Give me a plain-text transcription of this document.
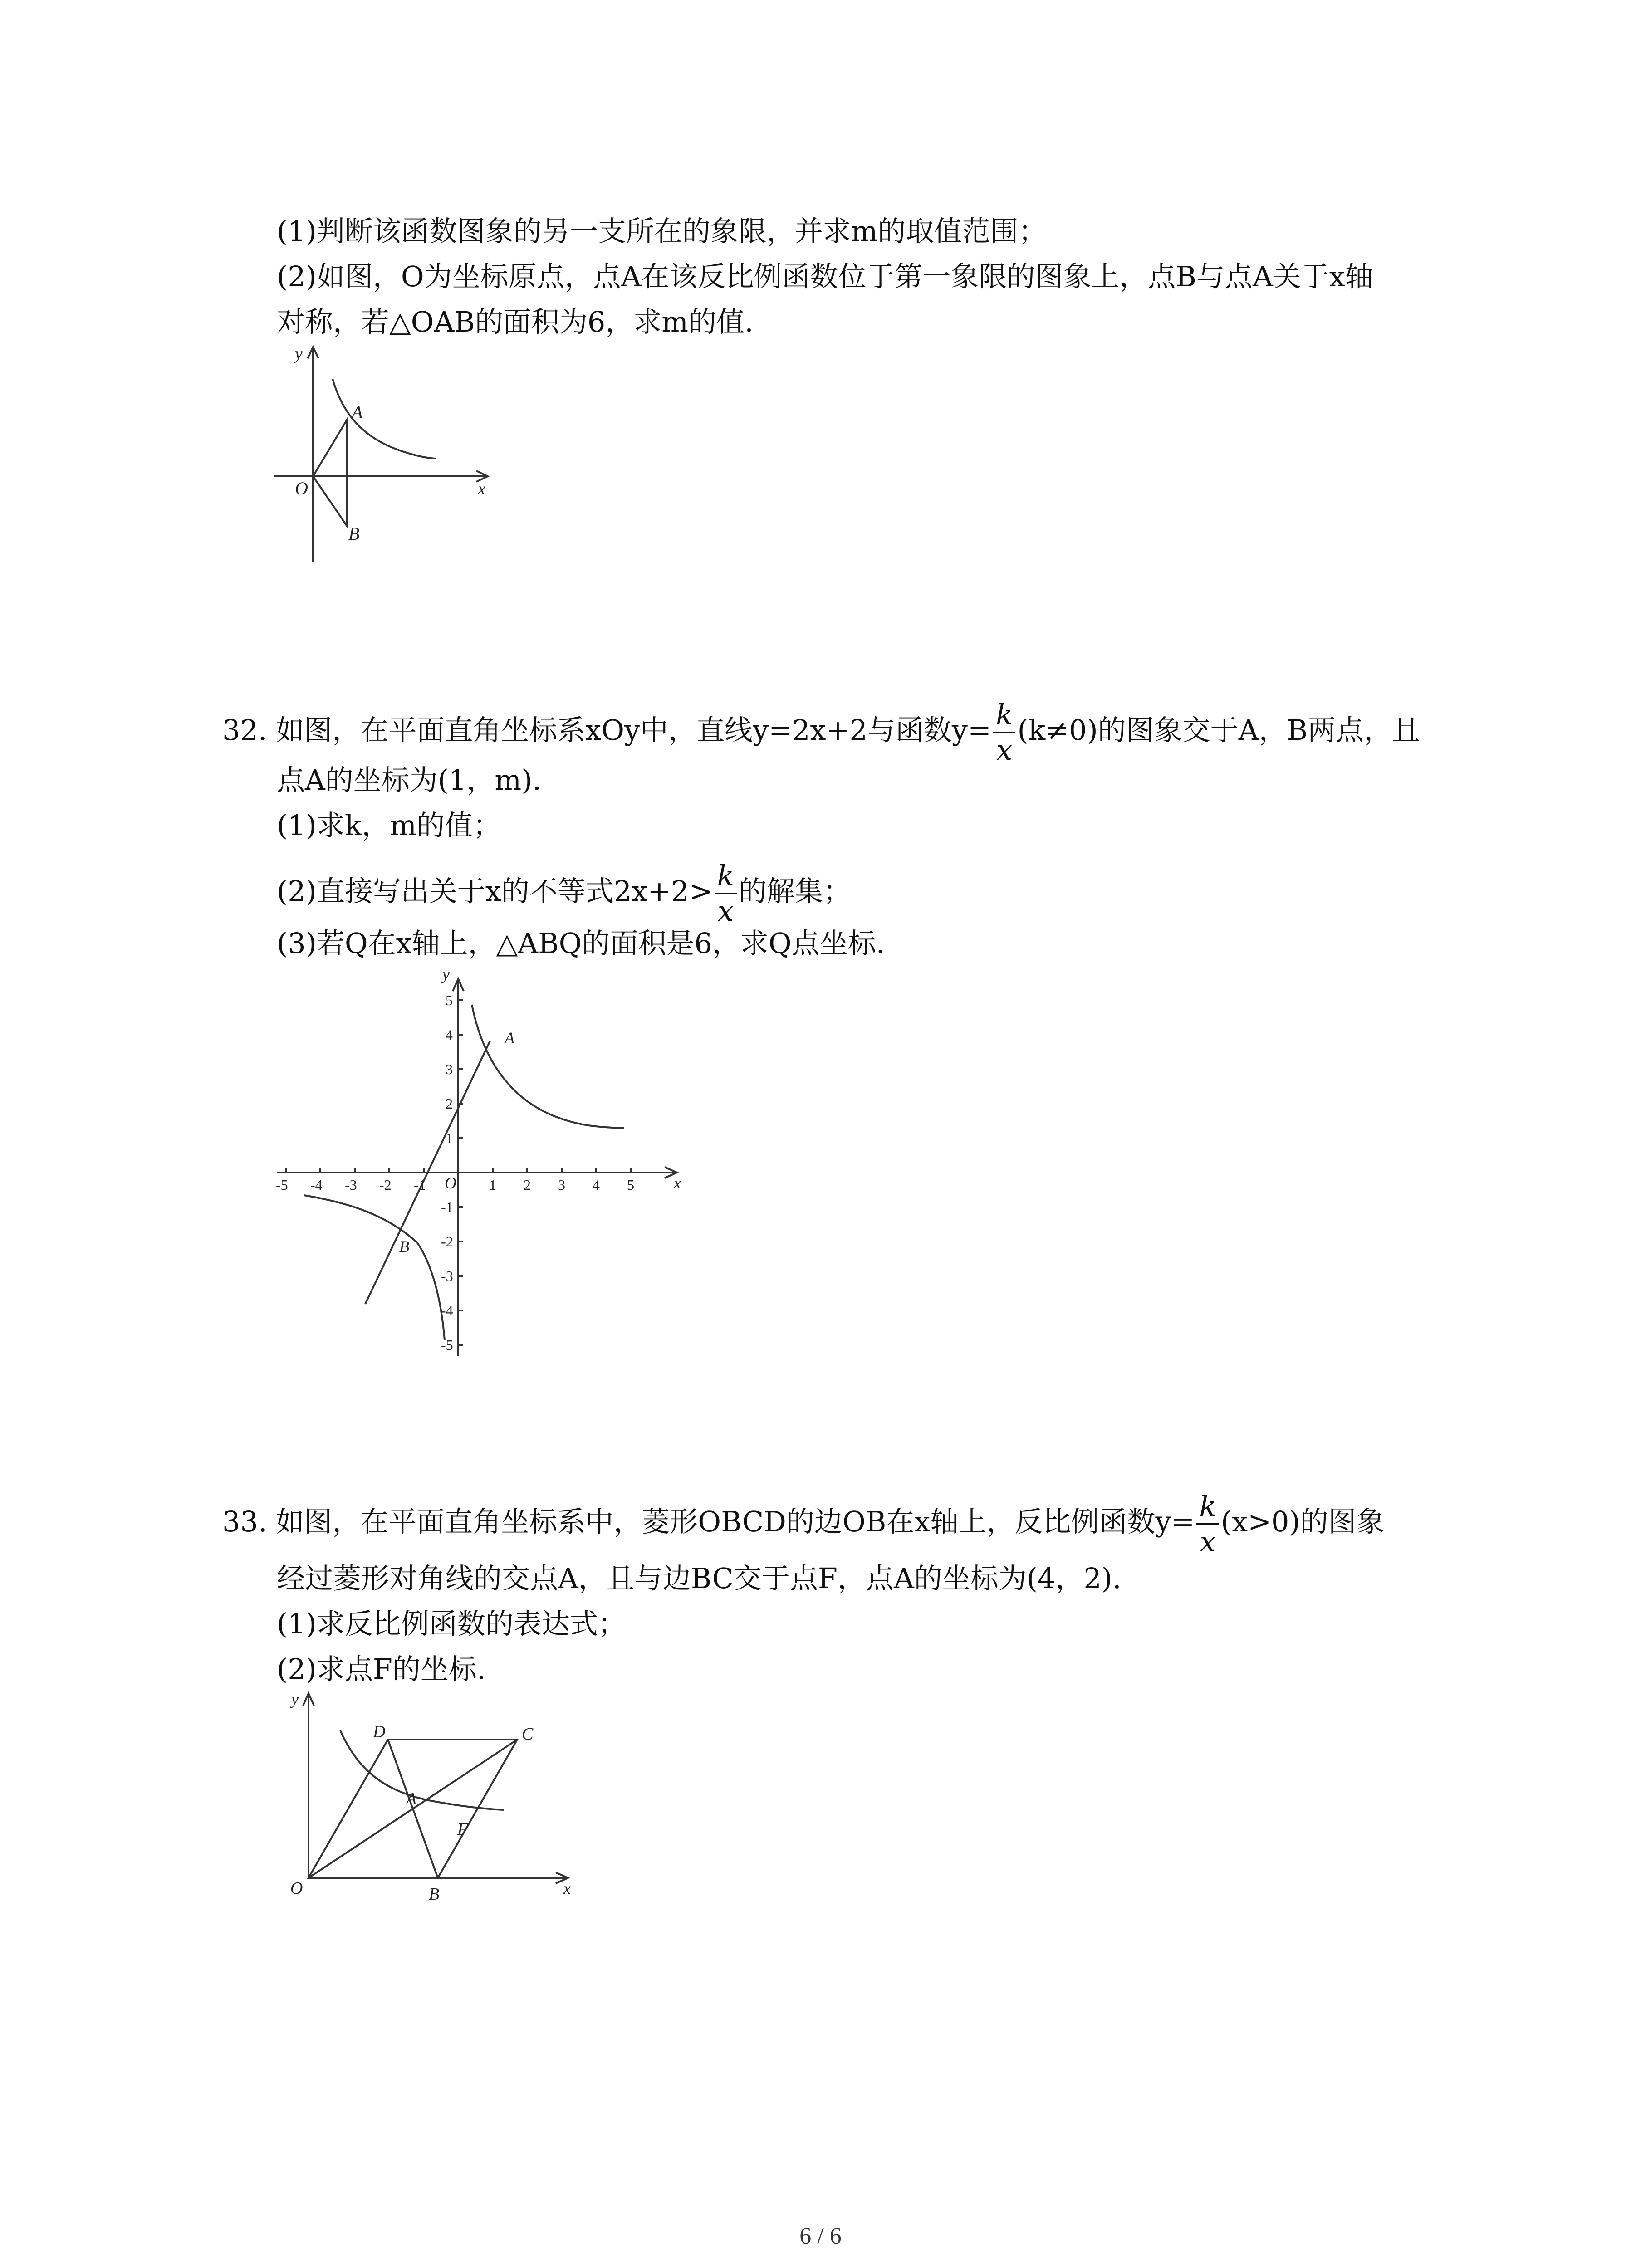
(1)判断该函数图象的另一支所在的象限，并求m的取值范围；
(2)如图，O为坐标原点，点A在该反比例函数位于第一象限的图象上，点B与点A关于x轴
对称，若△OAB的面积为6，求m的值.
y
x
O
A
B
32. 如图，在平面直角坐标系xOy中，直线y=2x+2与函数$y= \frac{k}{x} (k\ne 0)$的图象交于A，B两点，且
点A的坐标为(1，m).
(1)求k，m的值；
(2)直接写出关于x的不等式$2x+2> \frac{k}{x}$ 的解集；
(3)若Q在x轴上，△ABQ的面积是6，求Q点坐标.
-5 -4 -3 -2 -1	1 2 3 4 5
5
4
3
2
1
-1
-2
-3
-4
-5
y
x
O
A
B
33. 如图，在平面直角坐标系中，菱形OBCD的边OB在x轴上，反比例函数$y= \frac{k}{x} (x>0)$的图象
经过菱形对角线的交点A，且与边BC交于点F，点A的坐标为(4，2).
(1)求反比例函数的表达式；
(2)求点F的坐标.
y
x
O	B
C
D
A
F
6 / 6
